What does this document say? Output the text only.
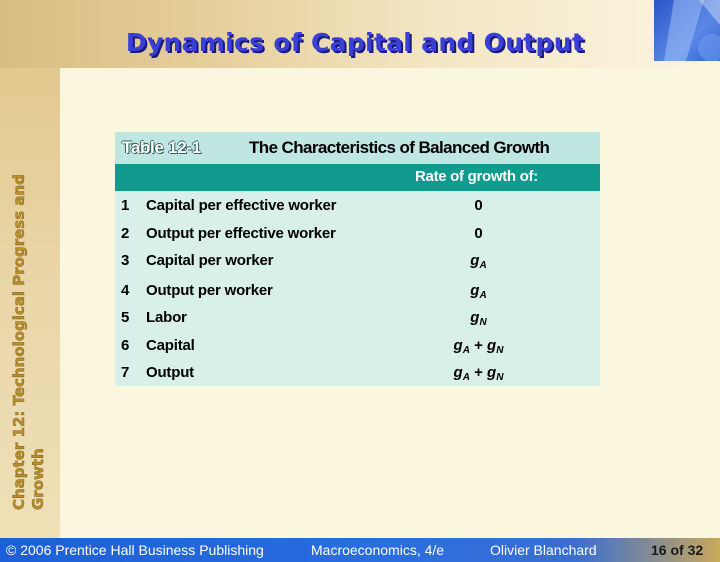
Dynamics of Capital and Output
Chapter 12: Technological Progress and Growth
Table 12-1	The Characteristics of Balanced Growth
Rate of growth of:
1 Capital per effective worker	0
2 Output per effective worker	0
3 Capital per worker	$g_A$
4 Output per worker	$g_A$
5 Labor	$g_N$
6 Capital	$g_A + g_N$
7 Output	$g_A + g_N$
© 2006 Prentice Hall Business Publishing	Macroeconomics, 4/e	Olivier Blanchard	16 of 32
